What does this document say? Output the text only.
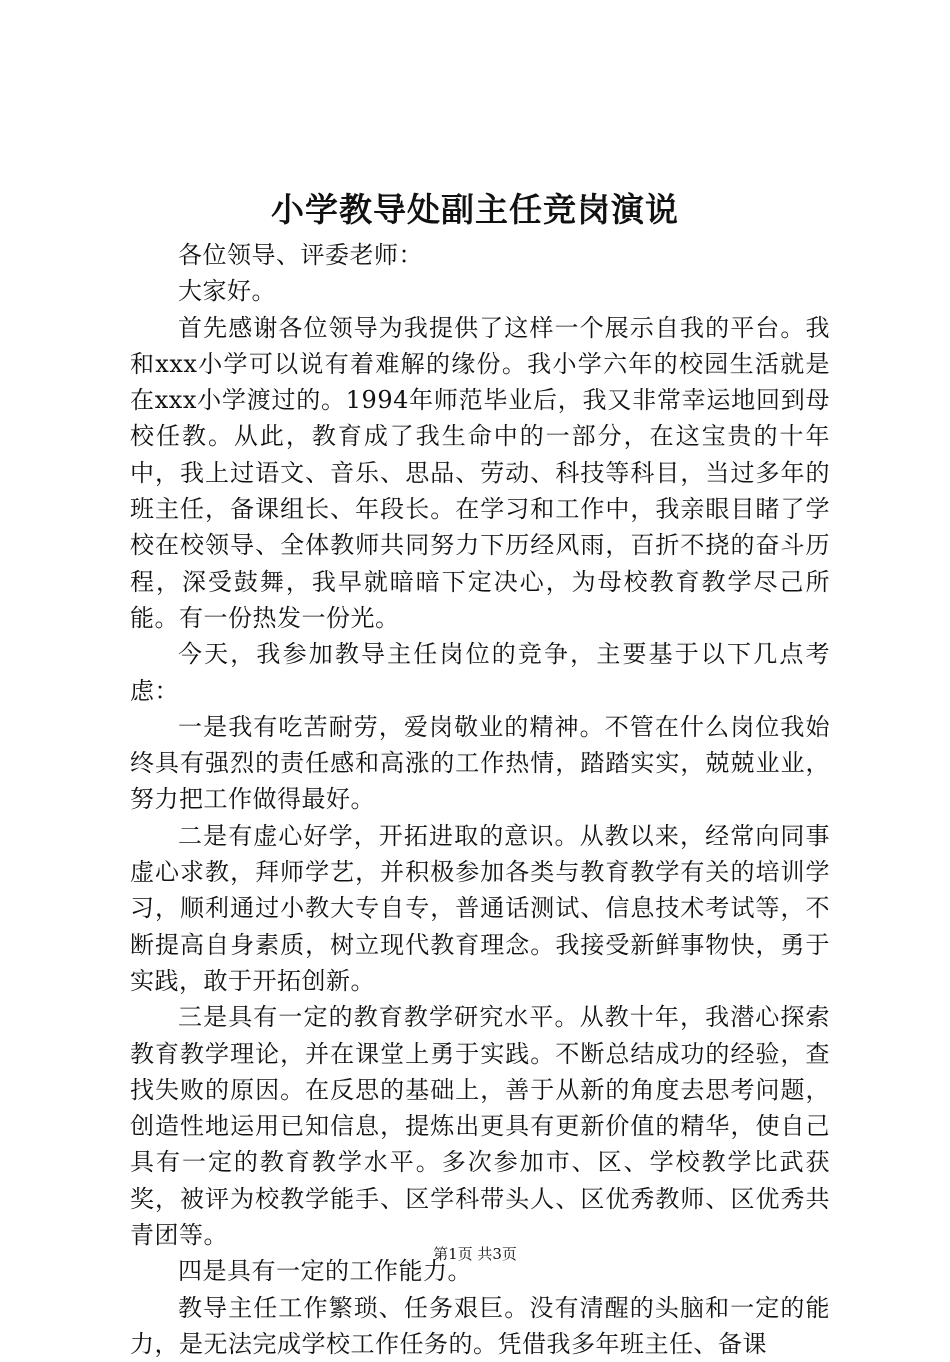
小学教导处副主任竞岗演说

各位领导、评委老师：

大家好。

首先感谢各位领导为我提供了这样一个展示自我的平台。我和xxx小学可以说有着难解的缘份。我小学六年的校园生活就是在xxx小学渡过的。1994年师范毕业后，我又非常幸运地回到母校任教。从此，教育成了我生命中的一部分，在这宝贵的十年中，我上过语文、音乐、思品、劳动、科技等科目，当过多年的班主任，备课组长、年段长。在学习和工作中，我亲眼目睹了学校在校领导、全体教师共同努力下历经风雨，百折不挠的奋斗历程，深受鼓舞，我早就暗暗下定决心，为母校教育教学尽己所能。有一份热发一份光。

今天，我参加教导主任岗位的竞争，主要基于以下几点考虑：

一是我有吃苦耐劳，爱岗敬业的精神。不管在什么岗位我始终具有强烈的责任感和高涨的工作热情，踏踏实实，兢兢业业，努力把工作做得最好。

二是有虚心好学，开拓进取的意识。从教以来，经常向同事虚心求教，拜师学艺，并积极参加各类与教育教学有关的培训学习，顺利通过小教大专自专，普通话测试、信息技术考试等，不断提高自身素质，树立现代教育理念。我接受新鲜事物快，勇于实践，敢于开拓创新。

三是具有一定的教育教学研究水平。从教十年，我潜心探索教育教学理论，并在课堂上勇于实践。不断总结成功的经验，查找失败的原因。在反思的基础上，善于从新的角度去思考问题，创造性地运用已知信息，提炼出更具有更新价值的精华，使自己具有一定的教育教学水平。多次参加市、区、学校教学比武获奖，被评为校教学能手、区学科带头人、区优秀教师、区优秀共青团等。

四是具有一定的工作能力。

教导主任工作繁琐、任务艰巨。没有清醒的头脑和一定的能力，是无法完成学校工作任务的。凭借我多年班主任、备课

第1页 共3页
